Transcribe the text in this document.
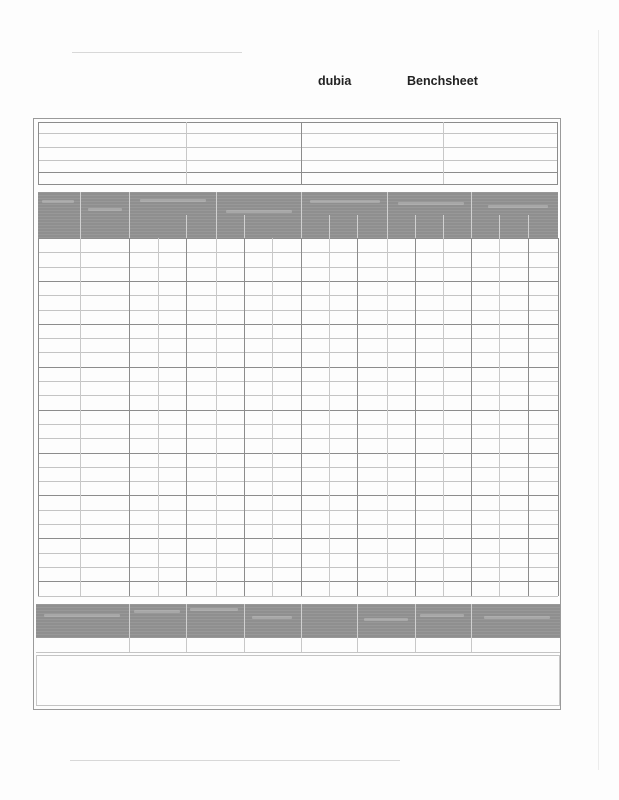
dubia	Benchsheet
